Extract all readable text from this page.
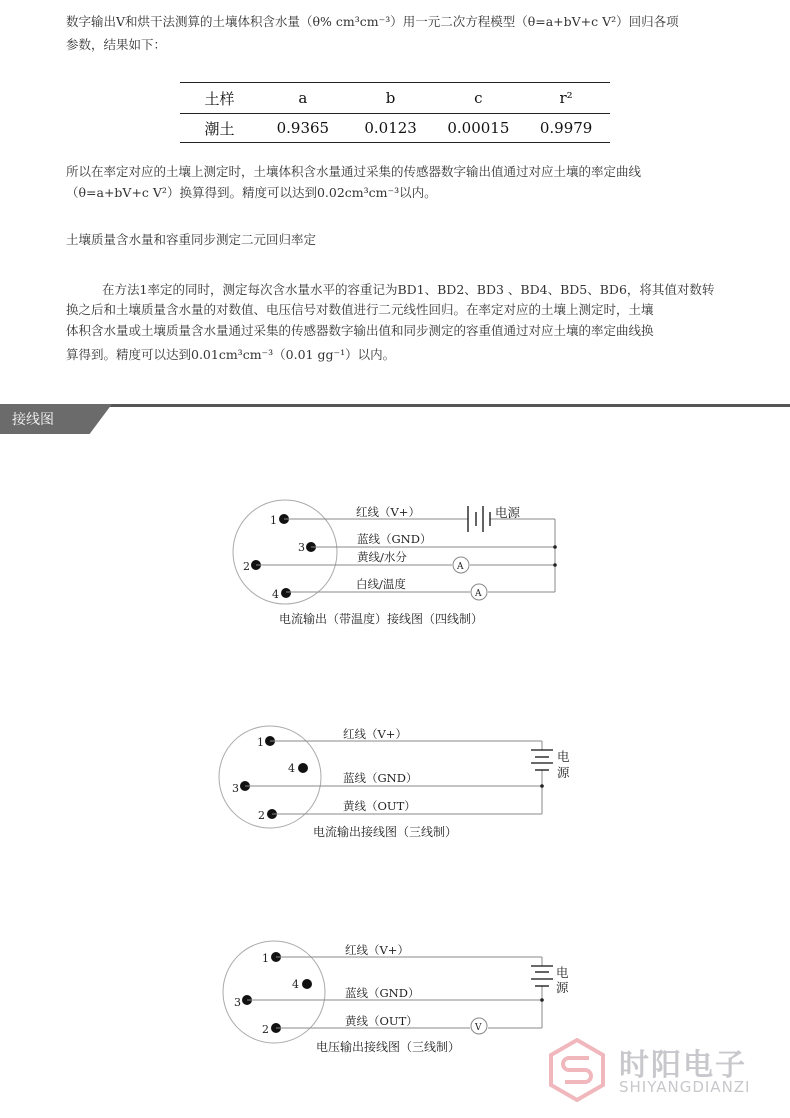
数字输出V和烘干法测算的土壤体积含水量（θ% cm³cm⁻³）用一元二次方程模型（θ=a+bV+c V²）回归各项
参数，结果如下：
土样	a	b	c	r²
潮土	0.9365	0.0123	0.00015	0.9979
所以在率定对应的土壤上测定时，土壤体积含水量通过采集的传感器数字输出值通过对应土壤的率定曲线
（θ=a+bV+c V²）换算得到。精度可以达到0.02cm³cm⁻³以内。
土壤质量含水量和容重同步测定二元回归率定
在方法1率定的同时，测定每次含水量水平的容重记为BD1、BD2、BD3 、BD4、BD5、BD6，将其值对数转
换之后和土壤质量含水量的对数值、电压信号对数值进行二元线性回归。在率定对应的土壤上测定时，土壤
体积含水量或土壤质量含水量通过采集的传感器数字输出值和同步测定的容重值通过对应土壤的率定曲线换
算得到。精度可以达到0.01cm³cm⁻³（0.01 gg⁻¹）以内。
接线图
1
3
2
4
电源
A
A
红线（V+）
蓝线（GND）
黄线/水分
白线/温度
电流输出（带温度）接线图（四线制）
1
4
3
2
电
源
红线（V+）
蓝线（GND）
黄线（OUT）
电流输出接线图（三线制）
1
4
3
2
电
源
V
红线（V+）
蓝线（GND）
黄线（OUT）
电压输出接线图（三线制）
时阳电子
SHIYANGDIANZI
